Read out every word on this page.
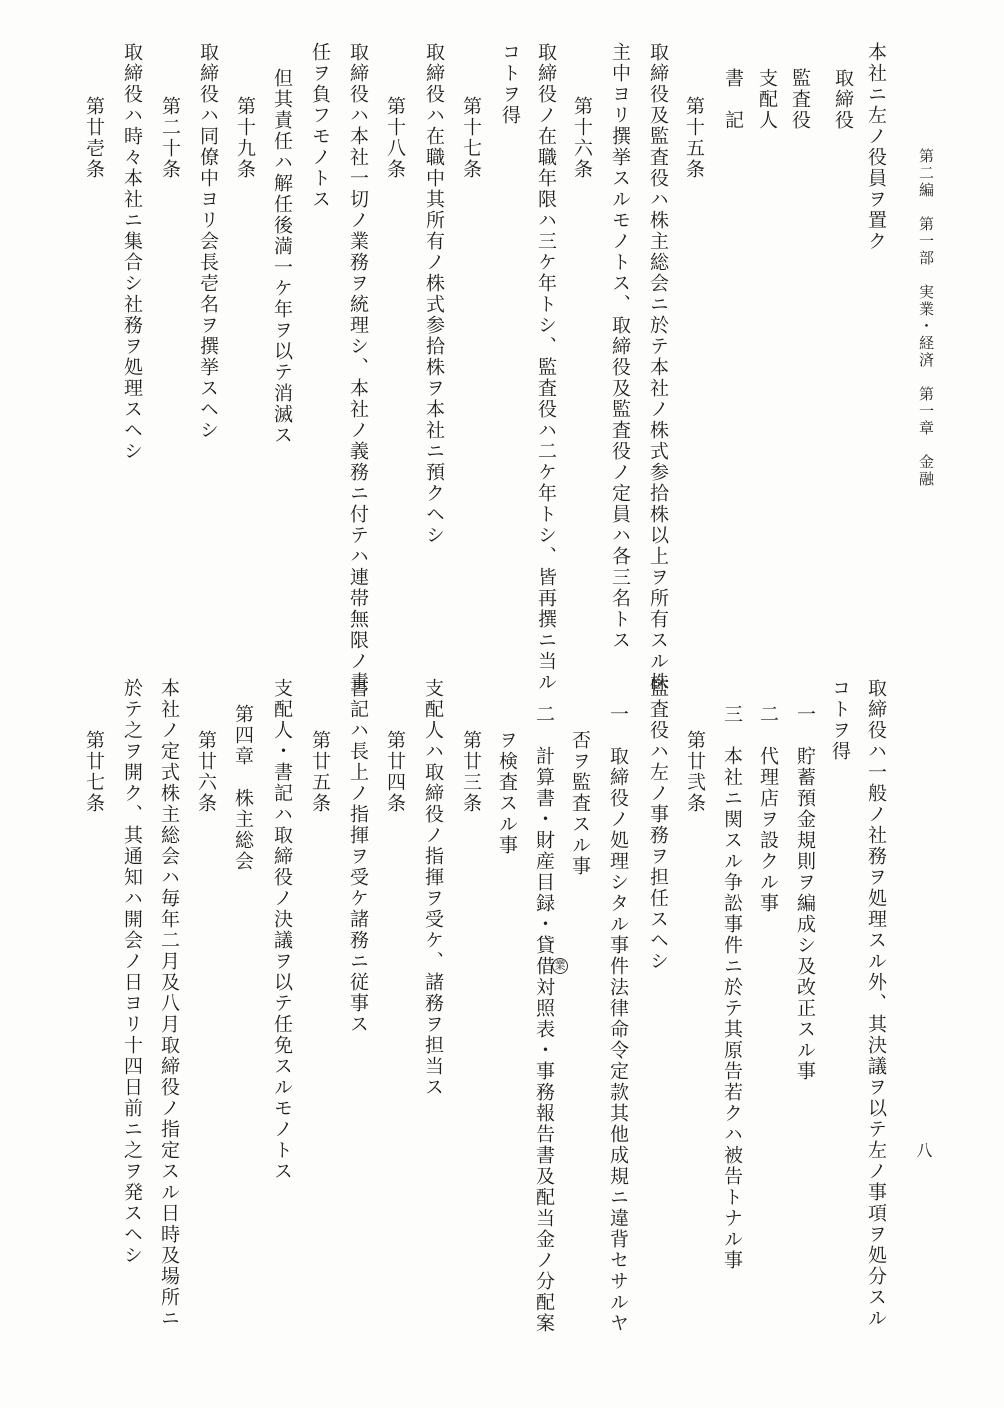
第二編　第一部　実業・経済　第一章　金融
八
本社ニ左ノ役員ヲ置ク
取締役
監査役
支配人
書　記
第十五条
取締役及監査役ハ株主総会ニ於テ本社ノ株式参拾株以上ヲ所有スル株
主中ヨリ撰挙スルモノトス、取締役及監査役ノ定員ハ各三名トス
第十六条
取締役ノ在職年限ハ三ケ年トシ、監査役ハ二ケ年トシ、皆再撰ニ当ル
コトヲ得
第十七条
取締役ハ在職中其所有ノ株式参拾株ヲ本社ニ預クヘシ
第十八条
取締役ハ本社一切ノ業務ヲ統理シ、本社ノ義務ニ付テハ連帯無限ノ責
任ヲ負フモノトス
但其責任ハ解任後満一ケ年ヲ以テ消滅ス
第十九条
取締役ハ同僚中ヨリ会長壱名ヲ撰挙スヘシ
第二十条
取締役ハ時々本社ニ集合シ社務ヲ処理スヘシ
第廿壱条
取締役ハ一般ノ社務ヲ処理スル外、其決議ヲ以テ左ノ事項ヲ処分スル
コトヲ得
一　貯蓄預金規則ヲ編成シ及改正スル事
二　代理店ヲ設クル事
三　本社ニ関スル争訟事件ニ於テ其原告若クハ被告トナル事
第廿弐条
監査役ハ左ノ事務ヲ担任スヘシ
一　取締役ノ処理シタル事件法律命令定款其他成規ニ違背セサルヤ
否ヲ監査スル事
二　計算書・財産目録・貸借対照表・事務報告書及配当金ノ分配案
ヲ検査スル事
第廿三条
支配人ハ取締役ノ指揮ヲ受ケ、諸務ヲ担当ス
第廿四条
書記ハ長上ノ指揮ヲ受ケ諸務ニ従事ス
第廿五条
支配人・書記ハ取締役ノ決議ヲ以テ任免スルモノトス
第四章　株主総会
第廿六条
本社ノ定式株主総会ハ毎年二月及八月取締役ノ指定スル日時及場所ニ
於テ之ヲ開ク、其通知ハ開会ノ日ヨリ十四日前ニ之ヲ発スヘシ
第廿七条
業
